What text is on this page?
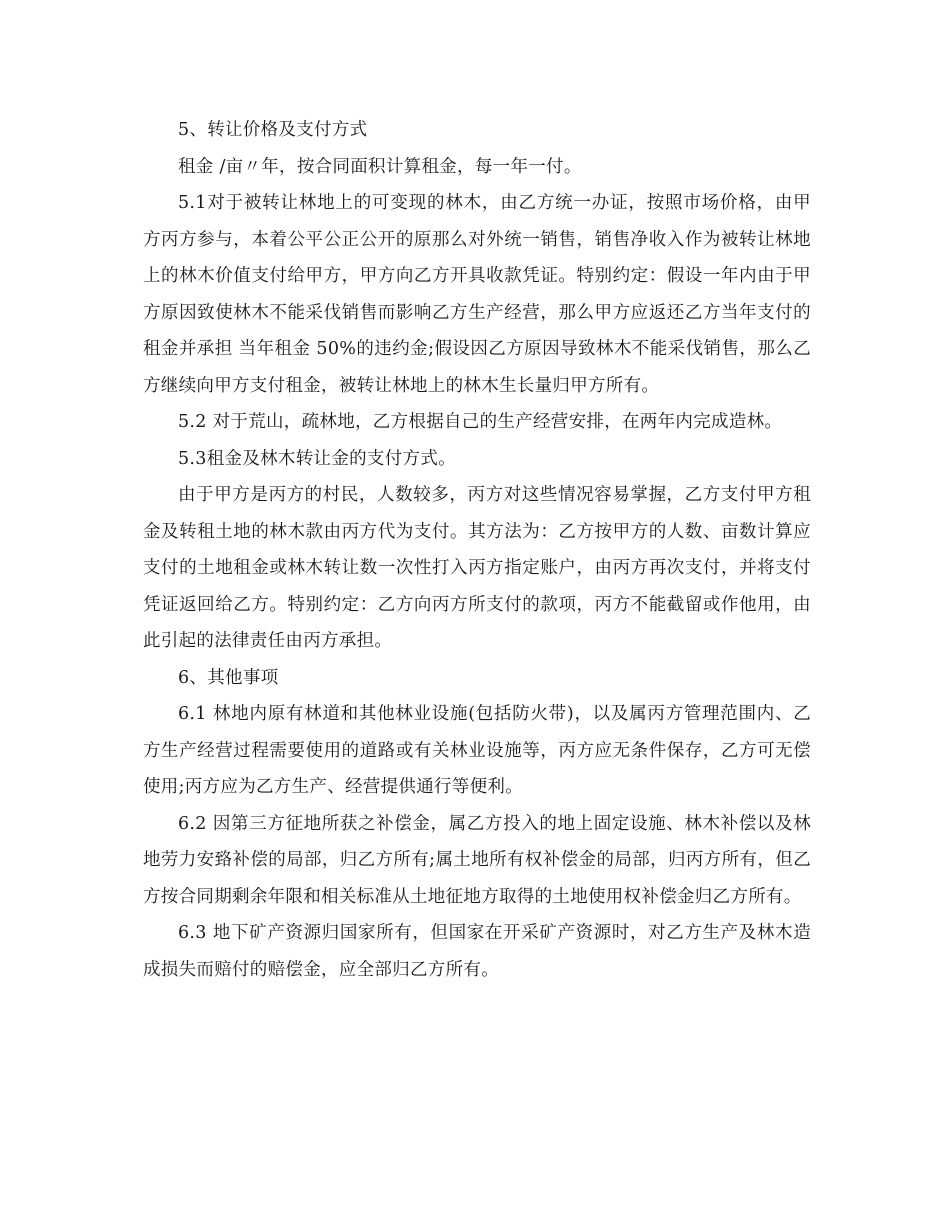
5、转让价格及支付方式

租金 /亩〃年，按合同面积计算租金，每一年一付。

5.1对于被转让林地上的可变现的林木，由乙方统一办证，按照市场价格，由甲方丙方参与，本着公平公正公开的原那么对外统一销售，销售净收入作为被转让林地上的林木价值支付给甲方，甲方向乙方开具收款凭证。特别约定：假设一年内由于甲方原因致使林木不能采伐销售而影响乙方生产经营，那么甲方应返还乙方当年支付的租金并承担 当年租金 50%的违约金;假设因乙方原因导致林木不能采伐销售，那么乙方继续向甲方支付租金，被转让林地上的林木生长量归甲方所有。

5.2 对于荒山，疏林地，乙方根据自己的生产经营安排，在两年内完成造林。

5.3租金及林木转让金的支付方式。

由于甲方是丙方的村民，人数较多，丙方对这些情况容易掌握，乙方支付甲方租金及转租土地的林木款由丙方代为支付。其方法为：乙方按甲方的人数、亩数计算应支付的土地租金或林木转让数一次性打入丙方指定账户，由丙方再次支付，并将支付凭证返回给乙方。特别约定：乙方向丙方所支付的款项，丙方不能截留或作他用，由此引起的法律责任由丙方承担。

6、其他事项

6.1 林地内原有林道和其他林业设施(包括防火带)，以及属丙方管理范围内、乙方生产经营过程需要使用的道路或有关林业设施等，丙方应无条件保存，乙方可无偿使用;丙方应为乙方生产、经营提供通行等便利。

6.2 因第三方征地所获之补偿金，属乙方投入的地上固定设施、林木补偿以及林地劳力安臵补偿的局部，归乙方所有;属土地所有权补偿金的局部，归丙方所有，但乙方按合同期剩余年限和相关标准从土地征地方取得的土地使用权补偿金归乙方所有。

6.3 地下矿产资源归国家所有，但国家在开采矿产资源时，对乙方生产及林木造成损失而赔付的赔偿金，应全部归乙方所有。
